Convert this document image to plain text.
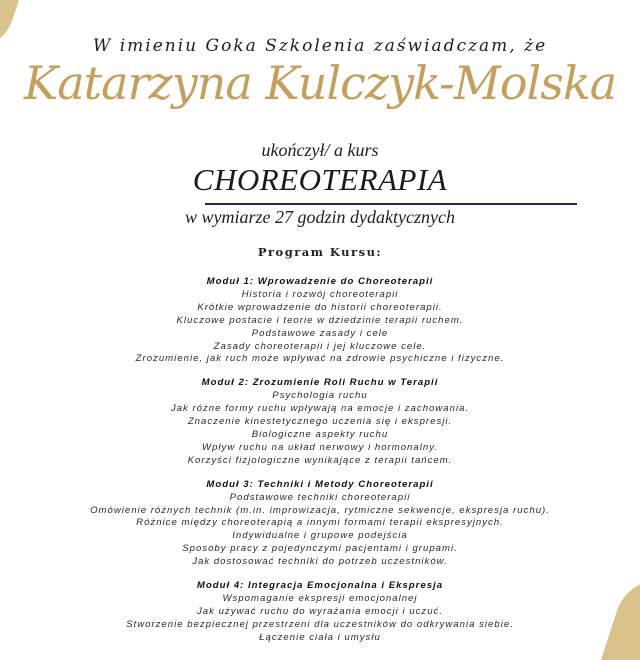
W imieniu Goka Szkolenia zaświadczam, że
Katarzyna Kulczyk-Molska
ukończył/ a kurs
CHOREOTERAPIA
w wymiarze 27 godzin dydaktycznych
Program Kursu:
Moduł 1: Wprowadzenie do Choreoterapii
Historia i rozwój choreoterapii
Krótkie wprowadzenie do historii choreoterapii.
Kluczowe postacie i teorie w dziedzinie terapii ruchem.
Podstawowe zasady i cele
Zasady choreoterapii i jej kluczowe cele.
Zrozumienie, jak ruch może wpływać na zdrowie psychiczne i fizyczne.
Moduł 2: Zrozumienie Roli Ruchu w Terapii
Psychologia ruchu
Jak różne formy ruchu wpływają na emocje i zachowania.
Znaczenie kinestetycznego uczenia się i ekspresji.
Biologiczne aspekty ruchu
Wpływ ruchu na układ nerwowy i hormonalny.
Korzyści fizjologiczne wynikające z terapii tańcem.
Moduł 3: Techniki i Metody Choreoterapii
Podstawowe techniki choreoterapii
Omówienie różnych technik (m.in. improwizacja, rytmiczne sekwencje, ekspresja ruchu).
Różnice między choreoterapią a innymi formami terapii ekspresyjnych.
Indywidualne i grupowe podejścia
Sposoby pracy z pojedynczymi pacjentami i grupami.
Jak dostosować techniki do potrzeb uczestników.
Moduł 4: Integracja Emocjonalna i Ekspresja
Wspomaganie ekspresji emocjonalnej
Jak używać ruchu do wyrażania emocji i uczuć.
Stworzenie bezpiecznej przestrzeni dla uczestników do odkrywania siebie.
Łączenie ciała i umysłu
